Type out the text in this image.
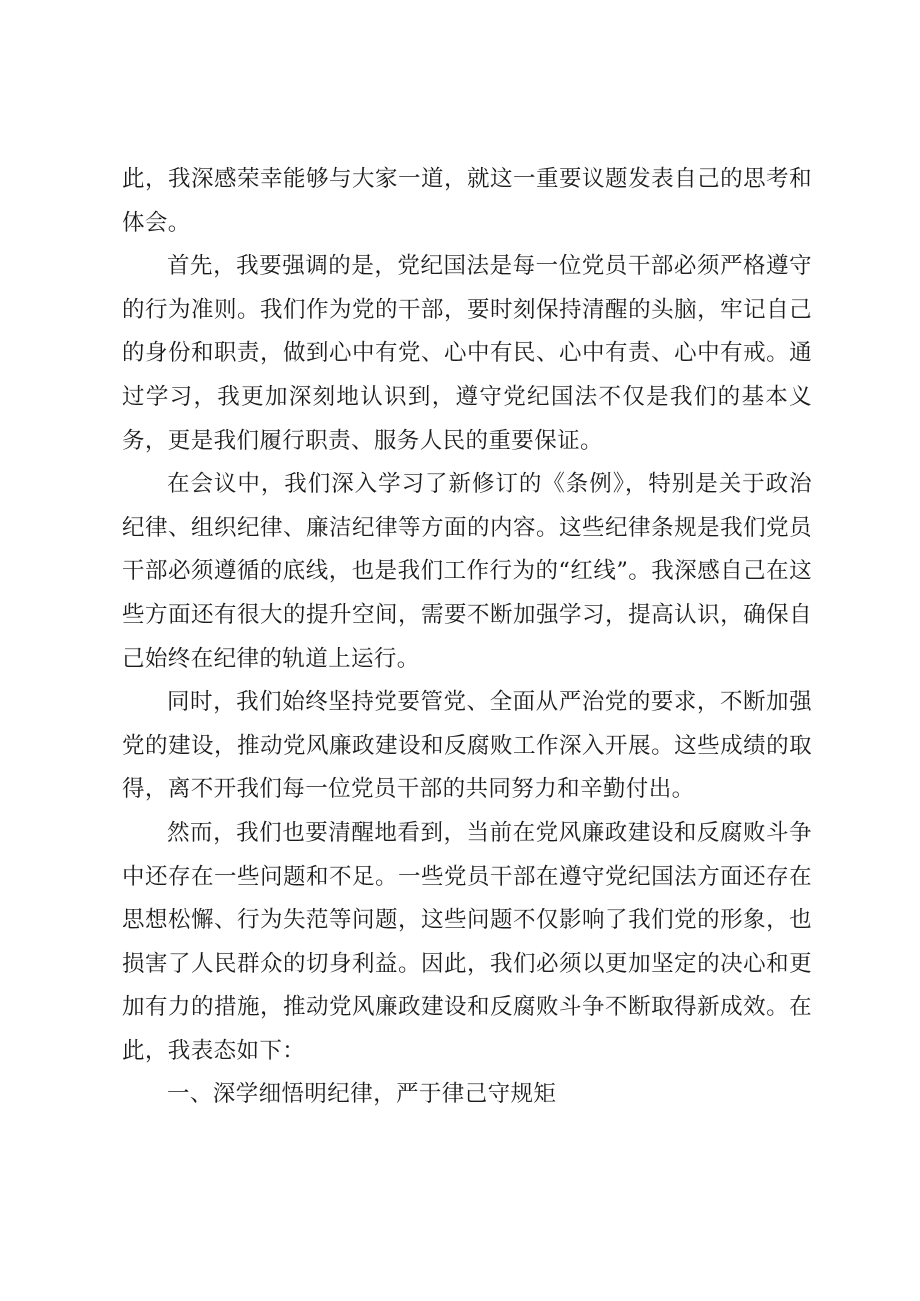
此，我深感荣幸能够与大家一道，就这一重要议题发表自己的思考和体会。

首先，我要强调的是，党纪国法是每一位党员干部必须严格遵守的行为准则。我们作为党的干部，要时刻保持清醒的头脑，牢记自己的身份和职责，做到心中有党、心中有民、心中有责、心中有戒。通过学习，我更加深刻地认识到，遵守党纪国法不仅是我们的基本义务，更是我们履行职责、服务人民的重要保证。

在会议中，我们深入学习了新修订的《条例》，特别是关于政治纪律、组织纪律、廉洁纪律等方面的内容。这些纪律条规是我们党员干部必须遵循的底线，也是我们工作行为的“红线”。我深感自己在这些方面还有很大的提升空间，需要不断加强学习，提高认识，确保自己始终在纪律的轨道上运行。

同时，我们始终坚持党要管党、全面从严治党的要求，不断加强党的建设，推动党风廉政建设和反腐败工作深入开展。这些成绩的取得，离不开我们每一位党员干部的共同努力和辛勤付出。

然而，我们也要清醒地看到，当前在党风廉政建设和反腐败斗争中还存在一些问题和不足。一些党员干部在遵守党纪国法方面还存在思想松懈、行为失范等问题，这些问题不仅影响了我们党的形象，也损害了人民群众的切身利益。因此，我们必须以更加坚定的决心和更加有力的措施，推动党风廉政建设和反腐败斗争不断取得新成效。在此，我表态如下：

一、深学细悟明纪律，严于律己守规矩
